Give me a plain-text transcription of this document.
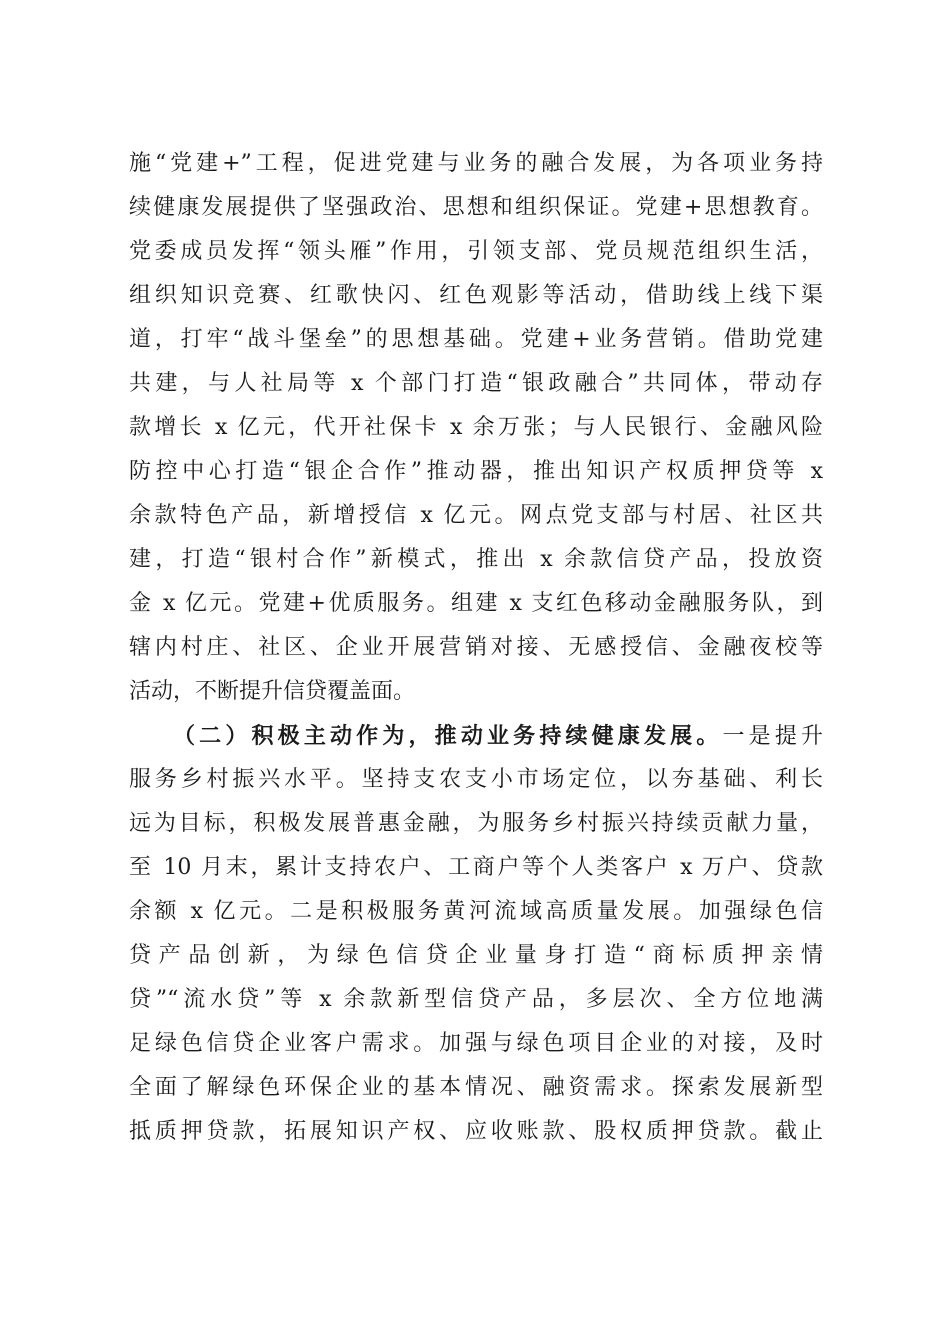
施“党建+”工程，促进党建与业务的融合发展，为各项业务持
续健康发展提供了坚强政治、思想和组织保证。党建+思想教育。
党委成员发挥“领头雁”作用，引领支部、党员规范组织生活，
组织知识竞赛、红歌快闪、红色观影等活动，借助线上线下渠
道，打牢“战斗堡垒”的思想基础。党建+业务营销。借助党建
共建，与人社局等 x 个部门打造“银政融合”共同体，带动存
款增长 x 亿元，代开社保卡 x 余万张；与人民银行、金融风险
防控中心打造“银企合作”推动器，推出知识产权质押贷等 x
余款特色产品，新增授信 x 亿元。网点党支部与村居、社区共
建，打造“银村合作”新模式，推出 x 余款信贷产品，投放资
金 x 亿元。党建+优质服务。组建 x 支红色移动金融服务队，到
辖内村庄、社区、企业开展营销对接、无感授信、金融夜校等
活动，不断提升信贷覆盖面。
（二）积极主动作为，推动业务持续健康发展。一是提升
服务乡村振兴水平。坚持支农支小市场定位，以夯基础、利长
远为目标，积极发展普惠金融，为服务乡村振兴持续贡献力量，
至 10 月末，累计支持农户、工商户等个人类客户 x 万户、贷款
余额 x 亿元。二是积极服务黄河流域高质量发展。加强绿色信
贷产品创新，为绿色信贷企业量身打造“商标质押亲情
贷”“流水贷”等 x 余款新型信贷产品，多层次、全方位地满
足绿色信贷企业客户需求。加强与绿色项目企业的对接，及时
全面了解绿色环保企业的基本情况、融资需求。探索发展新型
抵质押贷款，拓展知识产权、应收账款、股权质押贷款。截止
